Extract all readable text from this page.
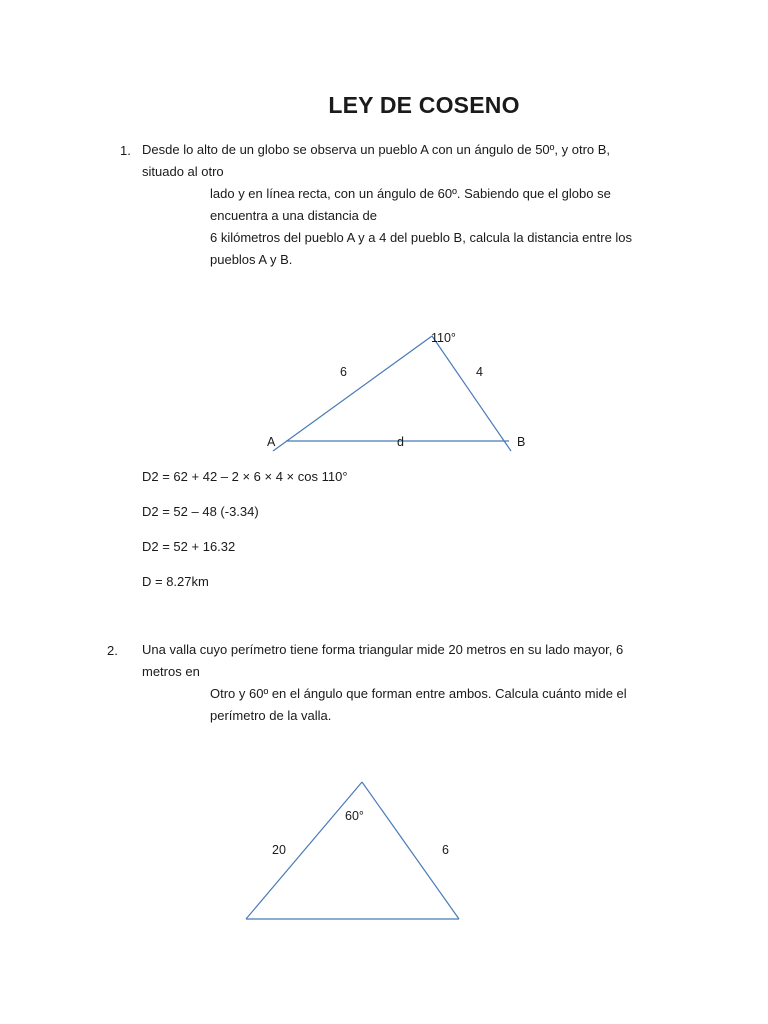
LEY DE COSENO
1. Desde lo alto de un globo se observa un pueblo A con un ángulo de 50º, y otro B,
situado al otro
lado y en línea recta, con un ángulo de 60º. Sabiendo que el globo se
encuentra a una distancia de
6 kilómetros del pueblo A y a 4 del pueblo B, calcula la distancia entre los
pueblos A y B.
110°
6	4
A	d	B
60°
20	6
D2 = 62 + 42 – 2 × 6 × 4 × cos 110°
D2 = 52 – 48 (-3.34)
D2 = 52 + 16.32
D = 8.27km
2. Una valla cuyo perímetro tiene forma triangular mide 20 metros en su lado mayor, 6
metros en
Otro y 60º en el ángulo que forman entre ambos. Calcula cuánto mide el
perímetro de la valla.
